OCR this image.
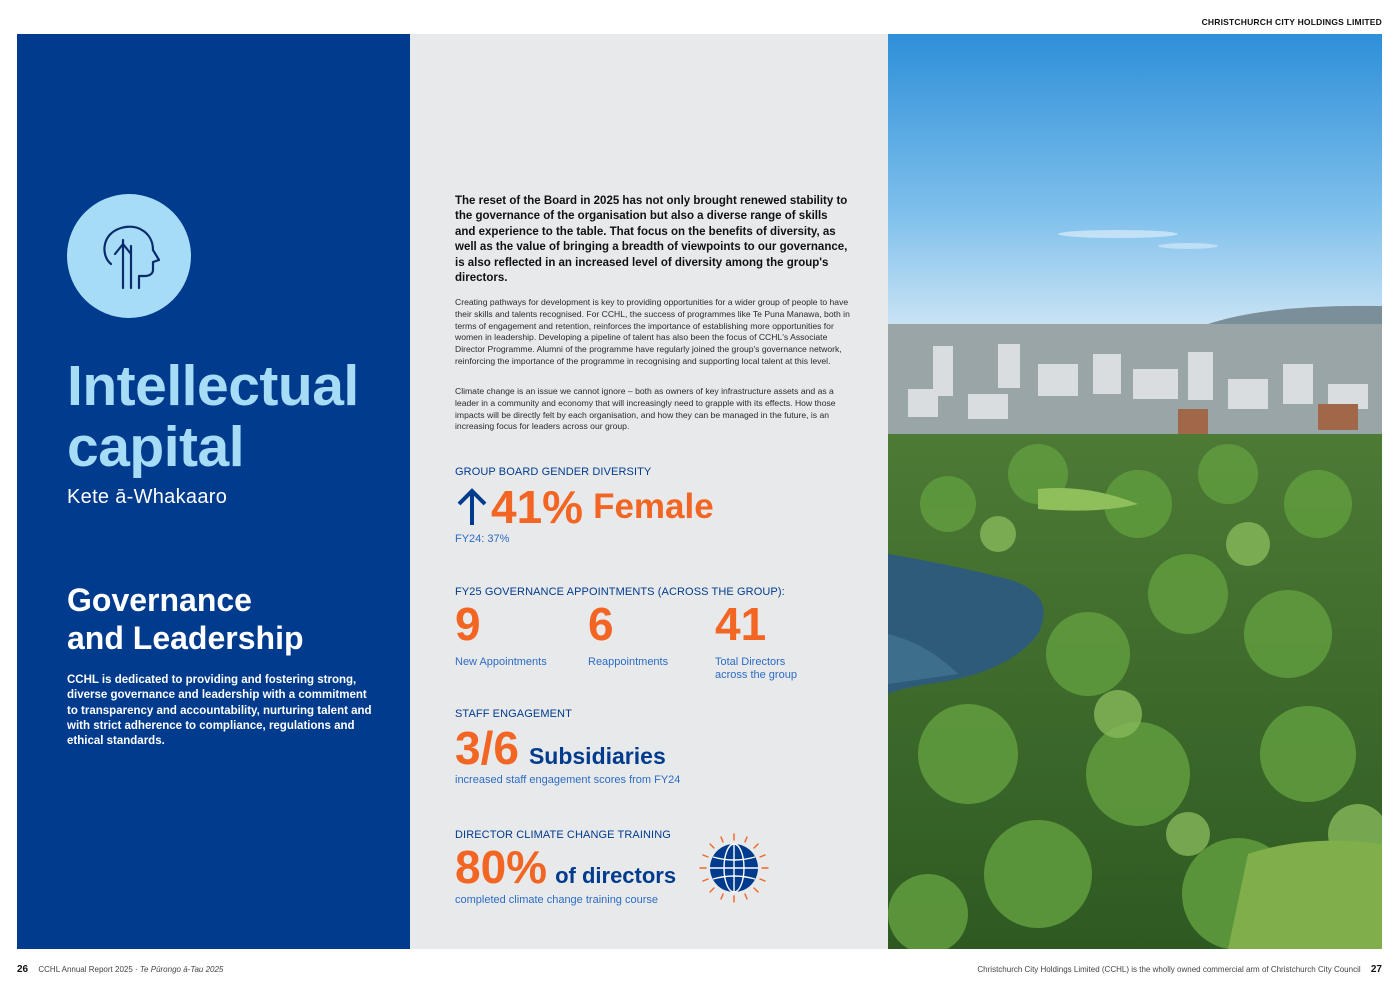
CHRISTCHURCH CITY HOLDINGS LIMITED
Intellectual
capital
Kete ā-Whakaaro
Governance
and Leadership
CCHL is dedicated to providing and fostering strong, diverse governance and leadership with a commitment to transparency and accountability, nurturing talent and with strict adherence to compliance, regulations and ethical standards.
The reset of the Board in 2025 has not only brought renewed stability to the governance of the organisation but also a diverse range of skills and experience to the table. That focus on the benefits of diversity, as well as the value of bringing a breadth of viewpoints to our governance, is also reflected in an increased level of diversity among the group's directors.
Creating pathways for development is key to providing opportunities for a wider group of people to have their skills and talents recognised. For CCHL, the success of programmes like Te Puna Manawa, both in terms of engagement and retention, reinforces the importance of establishing more opportunities for women in leadership. Developing a pipeline of talent has also been the focus of CCHL's Associate Director Programme. Alumni of the programme have regularly joined the group's governance network, reinforcing the importance of the programme in recognising and supporting local talent at this level.
Climate change is an issue we cannot ignore – both as owners of key infrastructure assets and as a leader in a community and economy that will increasingly need to grapple with its effects. How those impacts will be directly felt by each organisation, and how they can be managed in the future, is an increasing focus for leaders across our group.
GROUP BOARD GENDER DIVERSITY
41% Female
FY24: 37%
FY25 GOVERNANCE APPOINTMENTS (ACROSS THE GROUP):
9
New Appointments
6
Reappointments
41
Total Directors
across the group
STAFF ENGAGEMENT
3/6 Subsidiaries
increased staff engagement scores from FY24
DIRECTOR CLIMATE CHANGE TRAINING
80% of directors
completed climate change training course
26 CCHL Annual Report 2025 · Te Pūrongo ā-Tau 2025	Christchurch City Holdings Limited (CCHL) is the wholly owned commercial arm of Christchurch City Council 27
